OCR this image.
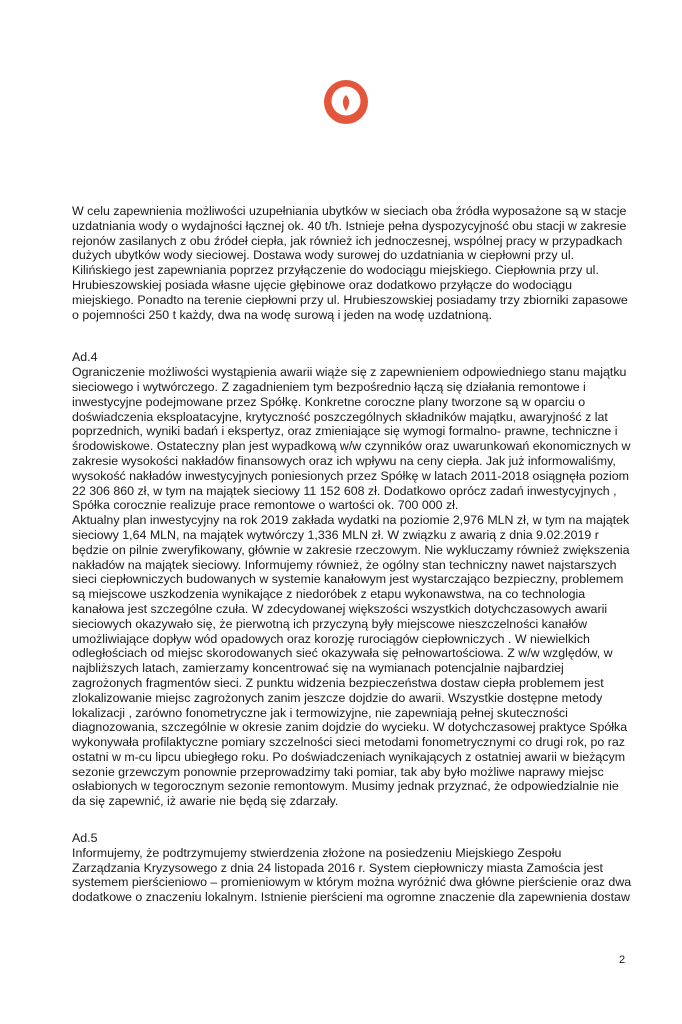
W celu zapewnienia możliwości uzupełniania ubytków w sieciach oba źródła wyposażone są w stacje
uzdatniania wody o wydajności łącznej ok. 40 t/h. Istnieje pełna dyspozycyjność obu stacji w zakresie
rejonów zasilanych z obu źródeł ciepła, jak również ich jednoczesnej, wspólnej pracy w przypadkach
dużych ubytków wody sieciowej. Dostawa wody surowej do uzdatniania w ciepłowni przy ul.
Kilińskiego jest zapewniania poprzez przyłączenie do wodociągu miejskiego. Ciepłownia przy ul.
Hrubieszowskiej posiada własne ujęcie głębinowe oraz dodatkowo przyłącze do wodociągu
miejskiego. Ponadto na terenie ciepłowni przy ul. Hrubieszowskiej posiadamy trzy zbiorniki zapasowe
o pojemności 250 t każdy, dwa na wodę surową i jeden na wodę uzdatnioną.
Ad.4
Ograniczenie możliwości wystąpienia awarii wiąże się z zapewnieniem odpowiedniego stanu majątku
sieciowego i wytwórczego. Z zagadnieniem tym bezpośrednio łączą się działania remontowe i
inwestycyjne podejmowane przez Spółkę. Konkretne coroczne plany tworzone są w oparciu o
doświadczenia eksploatacyjne, krytyczność poszczególnych składników majątku, awaryjność z lat
poprzednich, wyniki badań i ekspertyz, oraz zmieniające się wymogi formalno- prawne, techniczne i
środowiskowe. Ostateczny plan jest wypadkową w/w czynników oraz uwarunkowań ekonomicznych w
zakresie wysokości nakładów finansowych oraz ich wpływu na ceny ciepła. Jak już informowaliśmy,
wysokość nakładów inwestycyjnych poniesionych przez Spółkę w latach 2011-2018 osiągnęła poziom
22 306 860 zł, w tym na majątek sieciowy 11 152 608 zł. Dodatkowo oprócz zadań inwestycyjnych ,
Spółka corocznie realizuje prace remontowe o wartości ok. 700 000 zł.
Aktualny plan inwestycyjny na rok 2019 zakłada wydatki na poziomie 2,976 MLN zł, w tym na majątek
sieciowy 1,64 MLN, na majątek wytwórczy 1,336 MLN zł. W związku z awarią z dnia 9.02.2019 r
będzie on pilnie zweryfikowany, głównie w zakresie rzeczowym. Nie wykluczamy również zwiększenia
nakładów na majątek sieciowy. Informujemy również, że ogólny stan techniczny nawet najstarszych
sieci ciepłowniczych budowanych w systemie kanałowym jest wystarczająco bezpieczny, problemem
są miejscowe uszkodzenia wynikające z niedoróbek z etapu wykonawstwa, na co technologia
kanałowa jest szczególne czuła. W zdecydowanej większości wszystkich dotychczasowych awarii
sieciowych okazywało się, że pierwotną ich przyczyną były miejscowe nieszczelności kanałów
umożliwiające dopływ wód opadowych oraz korozję rurociągów ciepłowniczych . W niewielkich
odległościach od miejsc skorodowanych sieć okazywała się pełnowartościowa. Z w/w względów, w
najbliższych latach, zamierzamy koncentrować się na wymianach potencjalnie najbardziej
zagrożonych fragmentów sieci. Z punktu widzenia bezpieczeństwa dostaw ciepła problemem jest
zlokalizowanie miejsc zagrożonych zanim jeszcze dojdzie do awarii. Wszystkie dostępne metody
lokalizacji , zarówno fonometryczne jak i termowizyjne, nie zapewniają pełnej skuteczności
diagnozowania, szczególnie w okresie zanim dojdzie do wycieku. W dotychczasowej praktyce Spółka
wykonywała profilaktyczne pomiary szczelności sieci metodami fonometrycznymi co drugi rok, po raz
ostatni w m-cu lipcu ubiegłego roku. Po doświadczeniach wynikających z ostatniej awarii w bieżącym
sezonie grzewczym ponownie przeprowadzimy taki pomiar, tak aby było możliwe naprawy miejsc
osłabionych w tegorocznym sezonie remontowym. Musimy jednak przyznać, że odpowiedzialnie nie
da się zapewnić, iż awarie nie będą się zdarzały.
Ad.5
Informujemy, że podtrzymujemy stwierdzenia złożone na posiedzeniu Miejskiego Zespołu
Zarządzania Kryzysowego z dnia 24 listopada 2016 r. System ciepłowniczy miasta Zamościa jest
systemem pierścieniowo – promieniowym w którym można wyróżnić dwa główne pierścienie oraz dwa
dodatkowe o znaczeniu lokalnym. Istnienie pierścieni ma ogromne znaczenie dla zapewnienia dostaw
2
